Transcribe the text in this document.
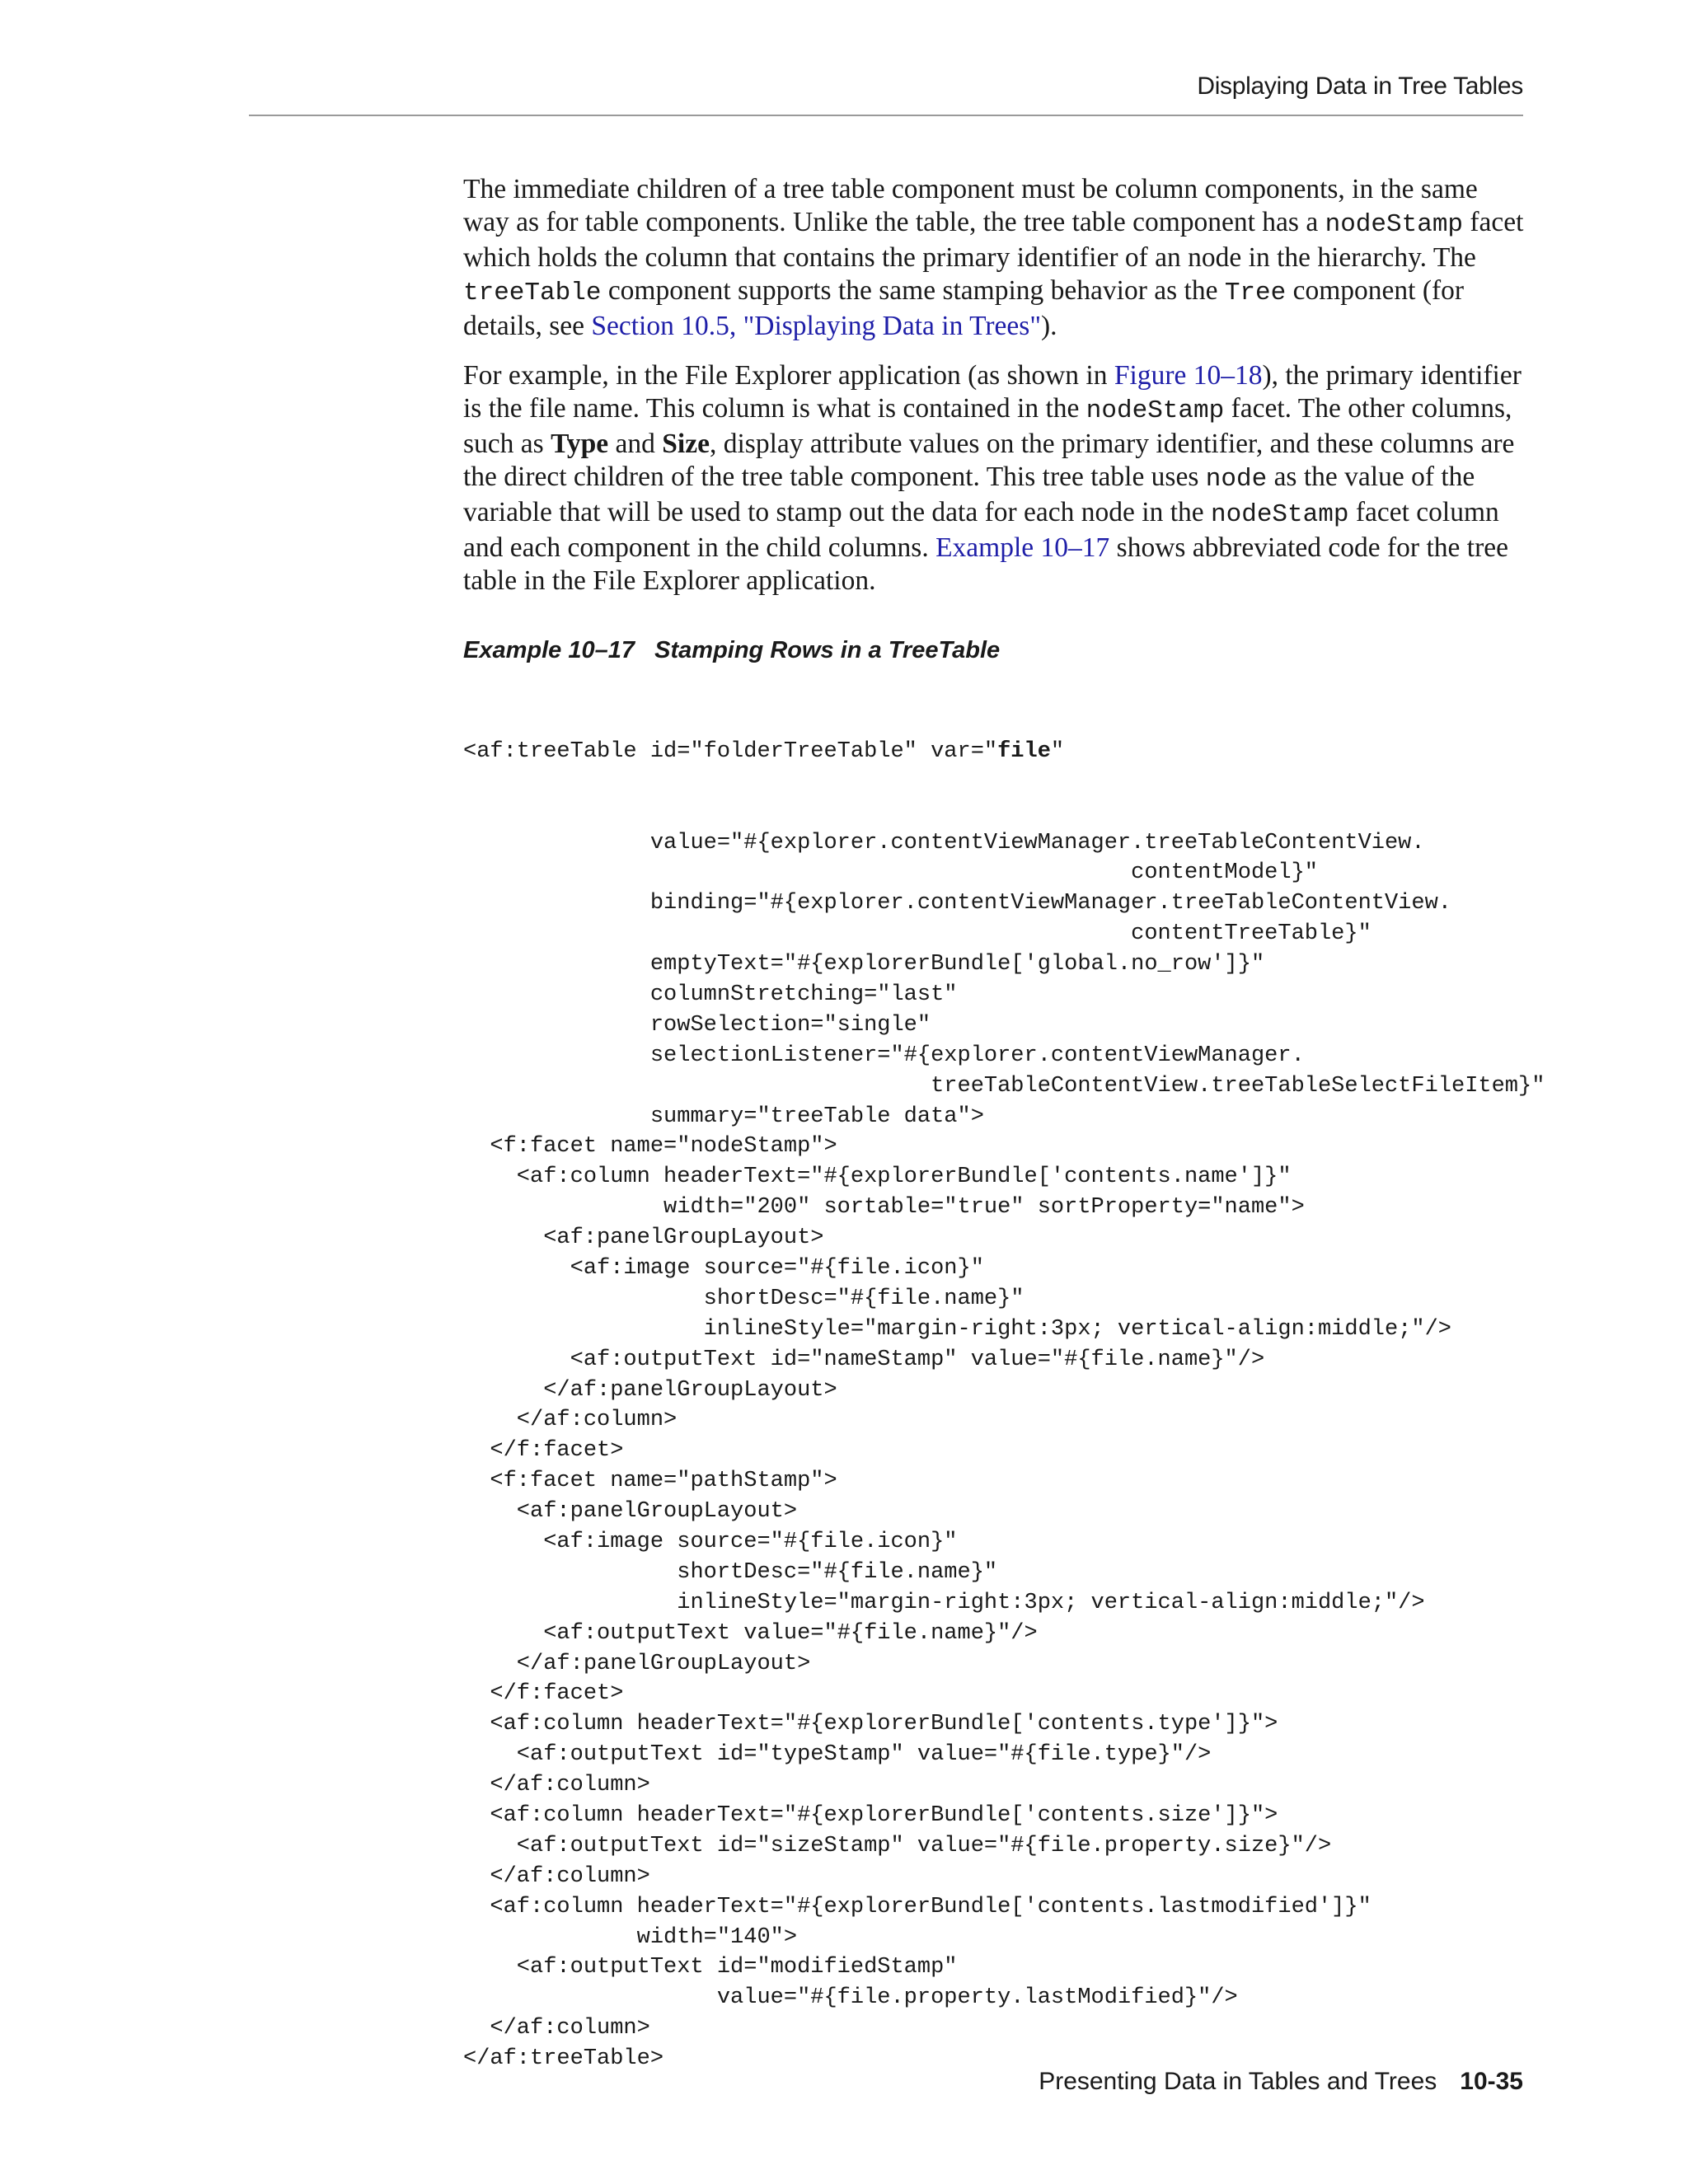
Displaying Data in Tree Tables

The immediate children of a tree table component must be column components, in the same way as for table components. Unlike the table, the tree table component has a nodeStamp facet which holds the column that contains the primary identifier of an node in the hierarchy. The treeTable component supports the same stamping behavior as the Tree component (for details, see Section 10.5, "Displaying Data in Trees").

For example, in the File Explorer application (as shown in Figure 10–18), the primary identifier is the file name. This column is what is contained in the nodeStamp facet. The other columns, such as Type and Size, display attribute values on the primary identifier, and these columns are the direct children of the tree table component. This tree table uses node as the value of the variable that will be used to stamp out the data for each node in the nodeStamp facet column and each component in the child columns. Example 10–17 shows abbreviated code for the tree table in the File Explorer application.

Example 10–17 Stamping Rows in a TreeTable

<af:treeTable id="folderTreeTable" var="file"

value="#{explorer.contentViewManager.treeTableContentView.
contentModel}"
binding="#{explorer.contentViewManager.treeTableContentView.
contentTreeTable}"
emptyText="#{explorerBundle['global.no_row']}"
columnStretching="last"
rowSelection="single"
selectionListener="#{explorer.contentViewManager.
treeTableContentView.treeTableSelectFileItem}"
summary="treeTable data">
<f:facet name="nodeStamp">
<af:column headerText="#{explorerBundle['contents.name']}"
width="200" sortable="true" sortProperty="name">
<af:panelGroupLayout>
<af:image source="#{file.icon}"
shortDesc="#{file.name}"
inlineStyle="margin-right:3px; vertical-align:middle;"/>
<af:outputText id="nameStamp" value="#{file.name}"/>
</af:panelGroupLayout>
</af:column>
</f:facet>
<f:facet name="pathStamp">
<af:panelGroupLayout>
<af:image source="#{file.icon}"
shortDesc="#{file.name}"
inlineStyle="margin-right:3px; vertical-align:middle;"/>
<af:outputText value="#{file.name}"/>
</af:panelGroupLayout>
</f:facet>
<af:column headerText="#{explorerBundle['contents.type']}">
<af:outputText id="typeStamp" value="#{file.type}"/>
</af:column>
<af:column headerText="#{explorerBundle['contents.size']}">
<af:outputText id="sizeStamp" value="#{file.property.size}"/>
</af:column>
<af:column headerText="#{explorerBundle['contents.lastmodified']}"
width="140">
<af:outputText id="modifiedStamp"
value="#{file.property.lastModified}"/>
</af:column>
</af:treeTable>
Presenting Data in Tables and Trees 10-35
